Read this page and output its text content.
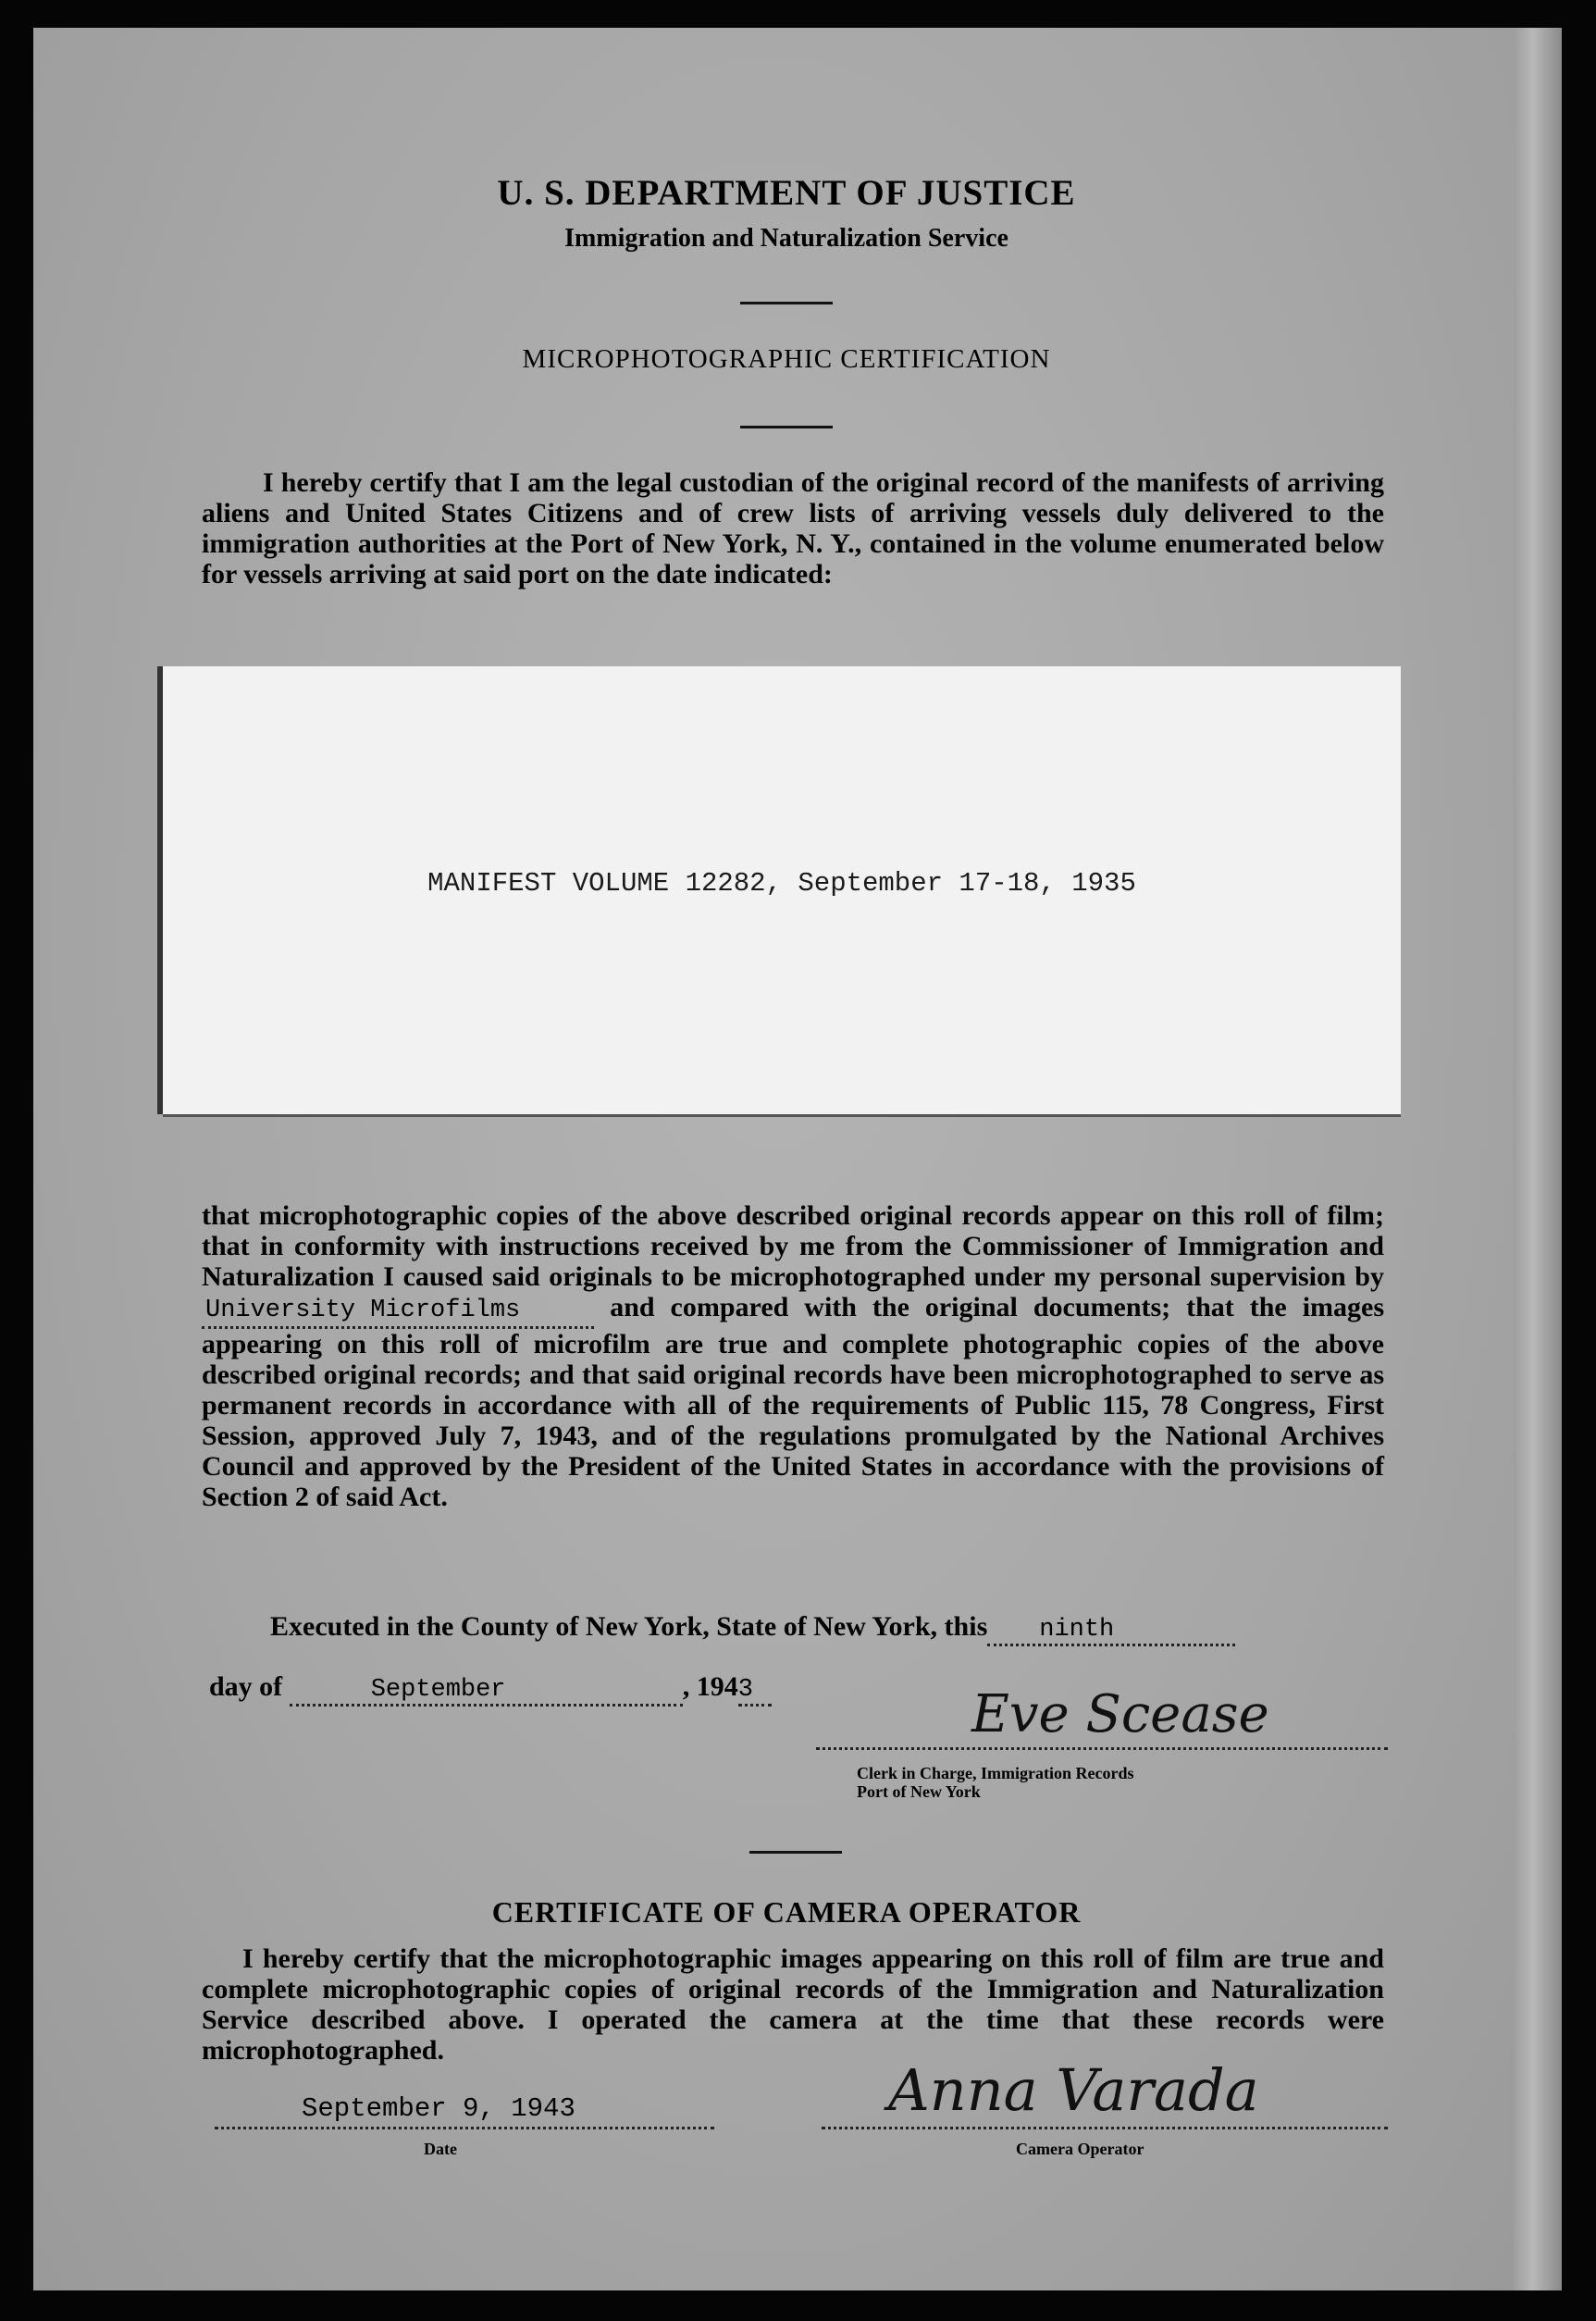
U. S. DEPARTMENT OF JUSTICE
Immigration and Naturalization Service
MICROPHOTOGRAPHIC CERTIFICATION
I hereby certify that I am the legal custodian of the original record of the manifests of arriving aliens and United States Citizens and of crew lists of arriving vessels duly delivered to the immigration authorities at the Port of New York, N. Y., contained in the volume enumerated below for vessels arriving at said port on the date indicated:
MANIFEST VOLUME 12282, September 17-18, 1935
that microphotographic copies of the above described original records appear on this roll of film; that in conformity with instructions received by me from the Commissioner of Immigration and Naturalization I caused said originals to be microphotographed under my personal supervision by University Microfilms	and compared with the original documents; that the images appearing on this roll of microfilm are true and complete photographic copies of the above described original records; and that said original records have been microphotographed to serve as permanent records in accordance with all of the requirements of Public 115, 78 Congress, First Session, approved July 7, 1943, and of the regulations promulgated by the National Archives Council and approved by the President of the United States in accordance with the provisions of Section 2 of said Act.
Executed in the County of New York, State of New York, this ninth
day of	September	, 1943	Eve Scease
Clerk in Charge, Immigration Records
Port of New York
CERTIFICATE OF CAMERA OPERATOR
I hereby certify that the microphotographic images appearing on this roll of film are true and complete microphotographic copies of original records of the Immigration and Naturalization Service described above. I operated the camera at the time that these records were microphotographed.
September 9, 1943
Date
Anna Varada
Camera Operator
